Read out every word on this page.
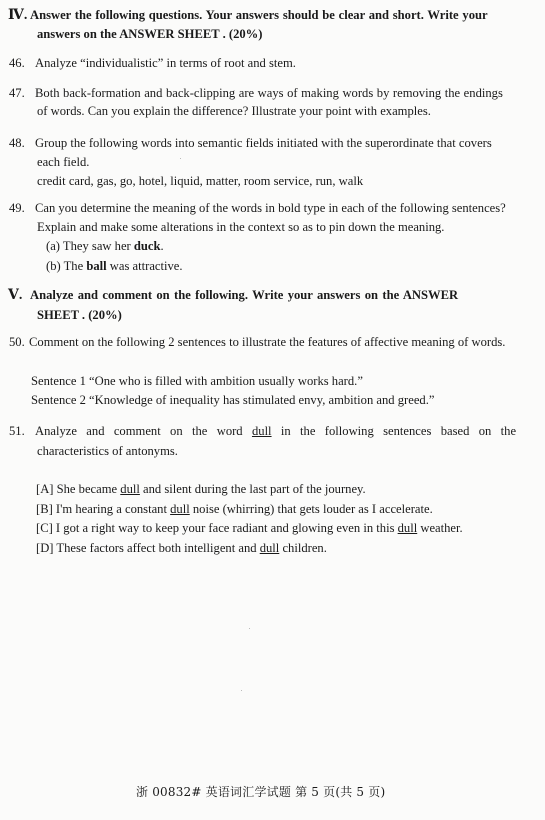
Ⅳ. Answer the following questions. Your answers should be clear and short. Write your
answers on the ANSWER SHEET . (20%)
46. Analyze “individualistic” in terms of root and stem.
47. Both back-formation and back-clipping are ways of making words by removing the endings
of words. Can you explain the difference? Illustrate your point with examples.
48. Group the following words into semantic fields initiated with the superordinate that covers
each field.
credit card, gas, go, hotel, liquid, matter, room service, run, walk
49. Can you determine the meaning of the words in bold type in each of the following sentences?
Explain and make some alterations in the context so as to pin down the meaning.
(a) They saw her duck.
(b) The ball was attractive.
Ⅴ. Analyze and comment on the following. Write your answers on the ANSWER
SHEET . (20%)
50. Comment on the following 2 sentences to illustrate the features of affective meaning of words.
Sentence 1 “One who is filled with ambition usually works hard.”
Sentence 2 “Knowledge of inequality has stimulated envy, ambition and greed.”
51. Analyze and comment on the word dull in the following sentences based on the
characteristics of antonyms.
[A] She became dull and silent during the last part of the journey.
[B] I'm hearing a constant dull noise (whirring) that gets louder as I accelerate.
[C] I got a right way to keep your face radiant and glowing even in this dull weather.
[D] These factors affect both intelligent and dull children.
浙 00832# 英语词汇学试题 第 5 页(共 5 页)
